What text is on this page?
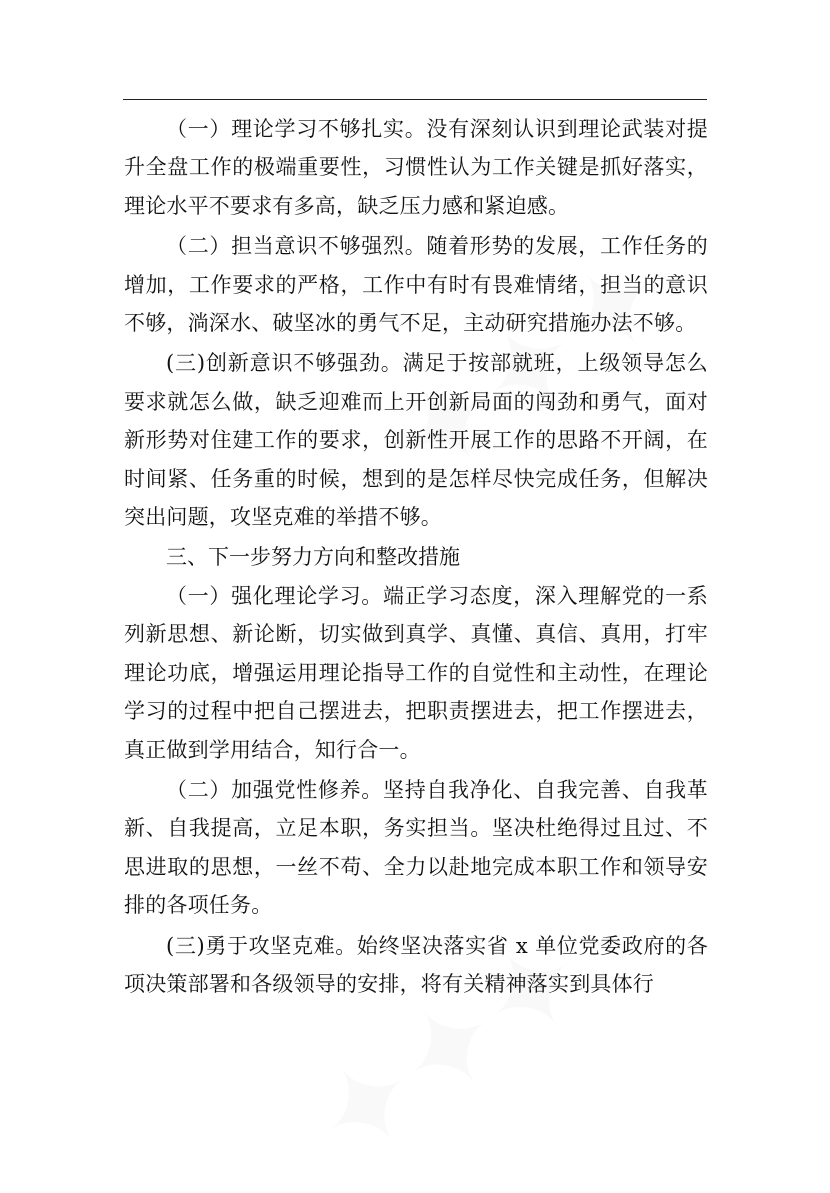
（一）理论学习不够扎实。没有深刻认识到理论武装对提升全盘工作的极端重要性，习惯性认为工作关键是抓好落实，理论水平不要求有多高，缺乏压力感和紧迫感。

（二）担当意识不够强烈。随着形势的发展，工作任务的增加，工作要求的严格，工作中有时有畏难情绪，担当的意识不够，淌深水、破坚冰的勇气不足，主动研究措施办法不够。

(三)创新意识不够强劲。满足于按部就班，上级领导怎么要求就怎么做，缺乏迎难而上开创新局面的闯劲和勇气，面对新形势对住建工作的要求，创新性开展工作的思路不开阔，在时间紧、任务重的时候，想到的是怎样尽快完成任务，但解决突出问题，攻坚克难的举措不够。

三、下一步努力方向和整改措施

（一）强化理论学习。端正学习态度，深入理解党的一系列新思想、新论断，切实做到真学、真懂、真信、真用，打牢理论功底，增强运用理论指导工作的自觉性和主动性，在理论学习的过程中把自己摆进去，把职责摆进去，把工作摆进去，真正做到学用结合，知行合一。

（二）加强党性修养。坚持自我净化、自我完善、自我革新、自我提高，立足本职，务实担当。坚决杜绝得过且过、不思进取的思想，一丝不苟、全力以赴地完成本职工作和领导安排的各项任务。

(三)勇于攻坚克难。始终坚决落实省 x 单位党委政府的各项决策部署和各级领导的安排，将有关精神落实到具体行
